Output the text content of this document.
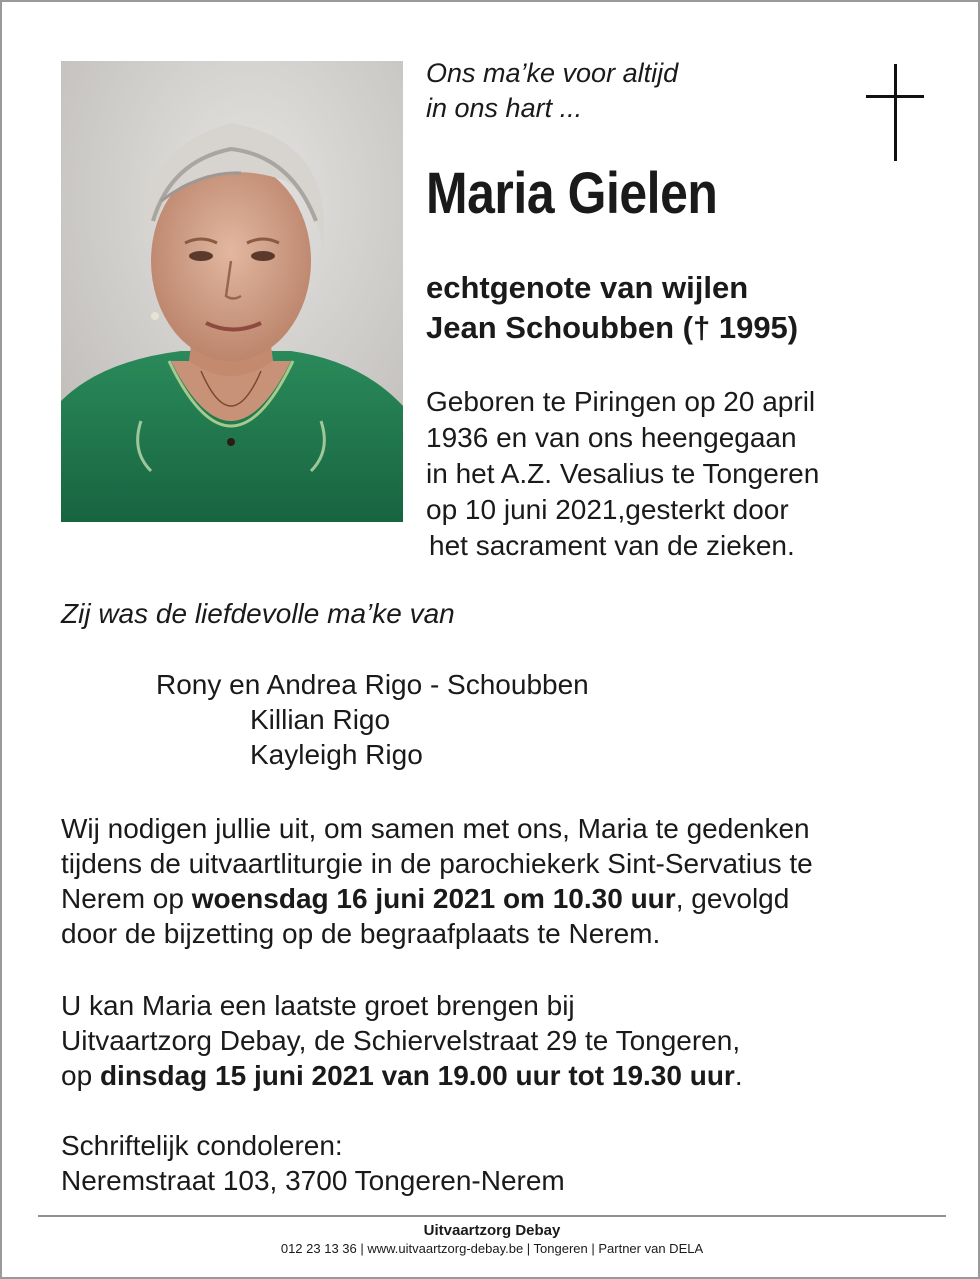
Ons ma’ke voor altijd
in ons hart ...

Maria Gielen

echtgenote van wijlen
Jean Schoubben († 1995)

Geboren te Piringen op 20 april
1936 en van ons heengegaan
in het A.Z. Vesalius te Tongeren
op 10 juni 2021,gesterkt door
het sacrament van de zieken.

Zij was de liefdevolle ma’ke van

Rony en Andrea Rigo - Schoubben
Killian Rigo
Kayleigh Rigo

Wij nodigen jullie uit, om samen met ons, Maria te gedenken
tijdens de uitvaartliturgie in de parochiekerk Sint-Servatius te
Nerem op woensdag 16 juni 2021 om 10.30 uur, gevolgd
door de bijzetting op de begraafplaats te Nerem.

U kan Maria een laatste groet brengen bij
Uitvaartzorg Debay, de Schiervelstraat 29 te Tongeren,
op dinsdag 15 juni 2021 van 19.00 uur tot 19.30 uur.

Schriftelijk condoleren:
Neremstraat 103, 3700 Tongeren-Nerem

Uitvaartzorg Debay
012 23 13 36 | www.uitvaartzorg-debay.be | Tongeren | Partner van DELA
